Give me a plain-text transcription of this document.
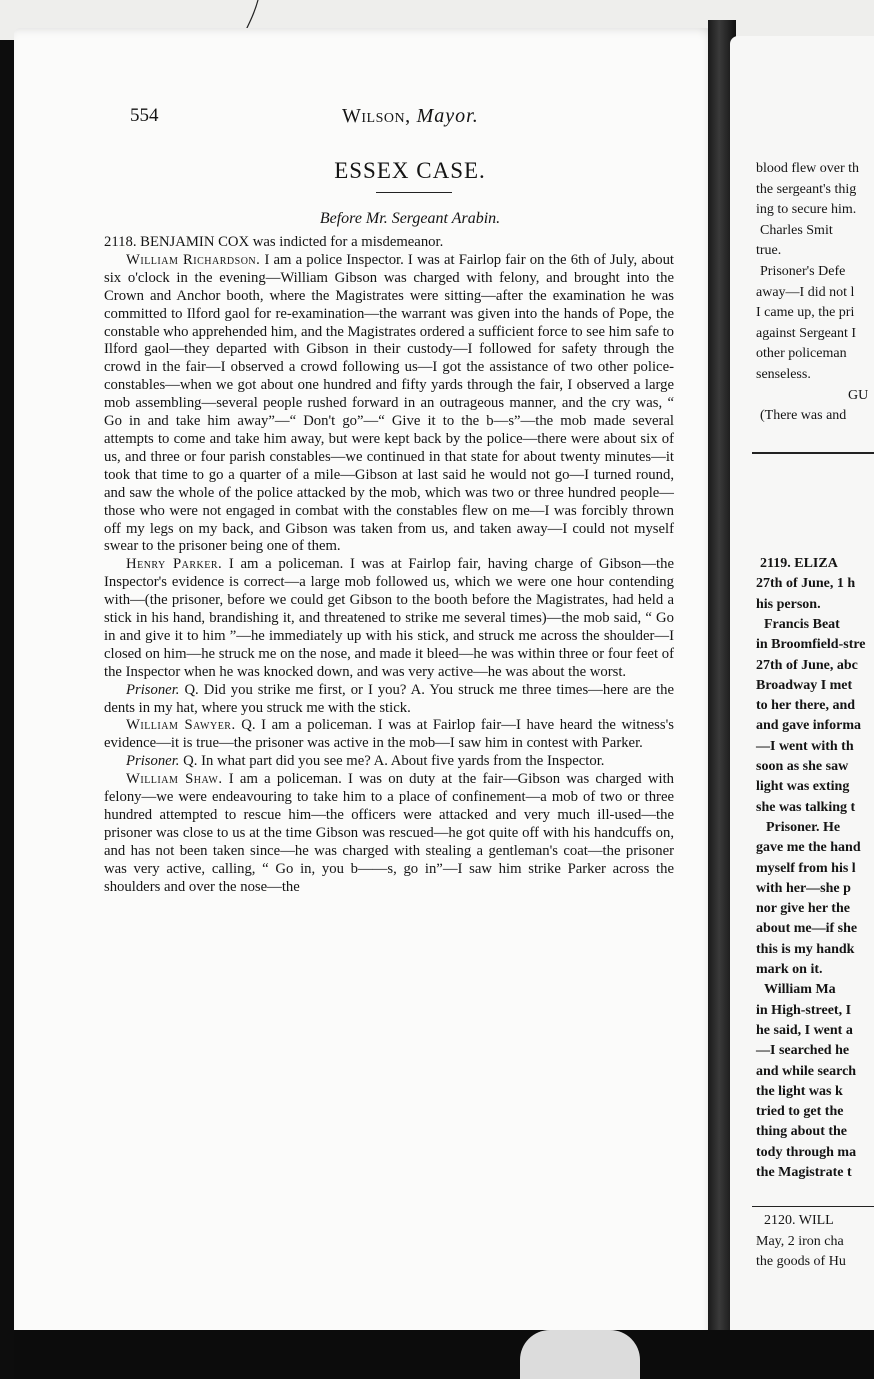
554	Wilson, Mayor.
ESSEX CASE.
Before Mr. Sergeant Arabin.

2118. BENJAMIN COX was indicted for a misdemeanor.

William Richardson. I am a police Inspector. I was at Fairlop fair on the 6th of July, about six o'clock in the evening—William Gibson was charged with felony, and brought into the Crown and Anchor booth, where the Magistrates were sitting—after the examination he was committed to Ilford gaol for re-examination—the warrant was given into the hands of Pope, the constable who apprehended him, and the Magistrates ordered a sufficient force to see him safe to Ilford gaol—they departed with Gibson in their custody—I followed for safety through the crowd in the fair—I observed a crowd following us—I got the assistance of two other police-constables—when we got about one hundred and fifty yards through the fair, I observed a large mob assembling—several people rushed forward in an outrageous manner, and the cry was, “ Go in and take him away”—“ Don't go”—“ Give it to the b—s”—the mob made several attempts to come and take him away, but were kept back by the police—there were about six of us, and three or four parish constables—we continued in that state for about twenty minutes—it took that time to go a quarter of a mile—Gibson at last said he would not go—I turned round, and saw the whole of the police attacked by the mob, which was two or three hundred people—those who were not engaged in combat with the constables flew on me—I was forcibly thrown off my legs on my back, and Gibson was taken from us, and taken away—I could not myself swear to the prisoner being one of them.

Henry Parker. I am a policeman. I was at Fairlop fair, having charge of Gibson—the Inspector's evidence is correct—a large mob followed us, which we were one hour contending with—(the prisoner, before we could get Gibson to the booth before the Magistrates, had held a stick in his hand, brandishing it, and threatened to strike me several times)—the mob said, “ Go in and give it to him ”—he immediately up with his stick, and struck me across the shoulder—I closed on him—he struck me on the nose, and made it bleed—he was within three or four feet of the Inspector when he was knocked down, and was very active—he was about the worst.

Prisoner. Q. Did you strike me first, or I you? A. You struck me three times—here are the dents in my hat, where you struck me with the stick.

William Sawyer. Q. I am a policeman. I was at Fairlop fair—I have heard the witness's evidence—it is true—the prisoner was active in the mob—I saw him in contest with Parker.

Prisoner. Q. In what part did you see me? A. About five yards from the Inspector.

William Shaw. I am a policeman. I was on duty at the fair—Gibson was charged with felony—we were endeavouring to take him to a place of confinement—a mob of two or three hundred attempted to rescue him—the officers were attacked and very much ill-used—the prisoner was close to us at the time Gibson was rescued—he got quite off with his handcuffs on, and has not been taken since—he was charged with stealing a gentleman's coat—the prisoner was very active, calling, “ Go in, you b——s, go in”—I saw him strike Parker across the shoulders and over the nose—the

blood flew over th
the sergeant's thig
ing to secure him.
Charles Smit
true.
Prisoner's Defe
away—I did not l
I came up, the pri
against Sergeant I
other policeman
senseless.
GU
(There was and
2119. ELIZA
27th of June, 1 h
his person.
Francis Beat
in Broomfield-stre
27th of June, abc
Broadway I met
to her there, and
and gave informa
—I went with th
soon as she saw
light was exting
she was talking t
Prisoner. He
gave me the hand
myself from his l
with her—she p
nor give her the
about me—if she
this is my handk
mark on it.
William Ma
in High-street, I
he said, I went a
—I searched he
and while search
the light was k
tried to get the
thing about the
tody through ma
the Magistrate t
2120. WILL
May, 2 iron cha
the goods of Hu
